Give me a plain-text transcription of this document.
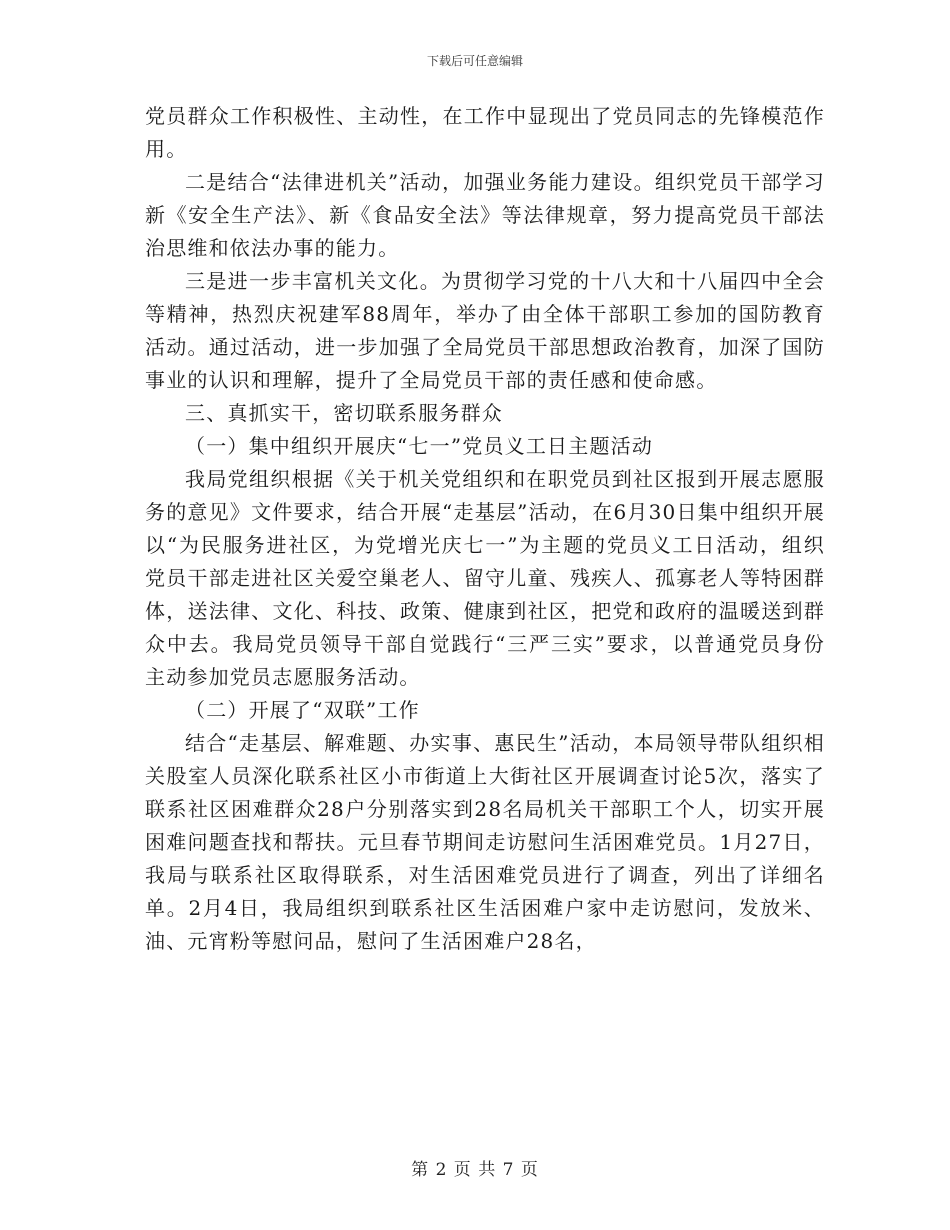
下载后可任意编辑

党员群众工作积极性、主动性，在工作中显现出了党员同志的先锋模范作用。

二是结合“法律进机关”活动，加强业务能力建设。组织党员干部学习新《安全生产法》、新《食品安全法》等法律规章，努力提高党员干部法治思维和依法办事的能力。

三是进一步丰富机关文化。为贯彻学习党的十八大和十八届四中全会等精神，热烈庆祝建军88周年，举办了由全体干部职工参加的国防教育活动。通过活动，进一步加强了全局党员干部思想政治教育，加深了国防事业的认识和理解，提升了全局党员干部的责任感和使命感。

三、真抓实干，密切联系服务群众

（一）集中组织开展庆“七一”党员义工日主题活动

我局党组织根据《关于机关党组织和在职党员到社区报到开展志愿服务的意见》文件要求，结合开展“走基层”活动，在6月30日集中组织开展以“为民服务进社区，为党增光庆七一”为主题的党员义工日活动，组织党员干部走进社区关爱空巢老人、留守儿童、残疾人、孤寡老人等特困群体，送法律、文化、科技、政策、健康到社区，把党和政府的温暖送到群众中去。我局党员领导干部自觉践行“三严三实”要求，以普通党员身份主动参加党员志愿服务活动。

（二）开展了“双联”工作

结合“走基层、解难题、办实事、惠民生”活动，本局领导带队组织相关股室人员深化联系社区小市街道上大街社区开展调查讨论5次，落实了联系社区困难群众28户分别落实到28名局机关干部职工个人，切实开展困难问题查找和帮扶。元旦春节期间走访慰问生活困难党员。1月27日，我局与联系社区取得联系，对生活困难党员进行了调查，列出了详细名单。2月4日，我局组织到联系社区生活困难户家中走访慰问，发放米、油、元宵粉等慰问品，慰问了生活困难户28名，

第 2 页 共 7 页
